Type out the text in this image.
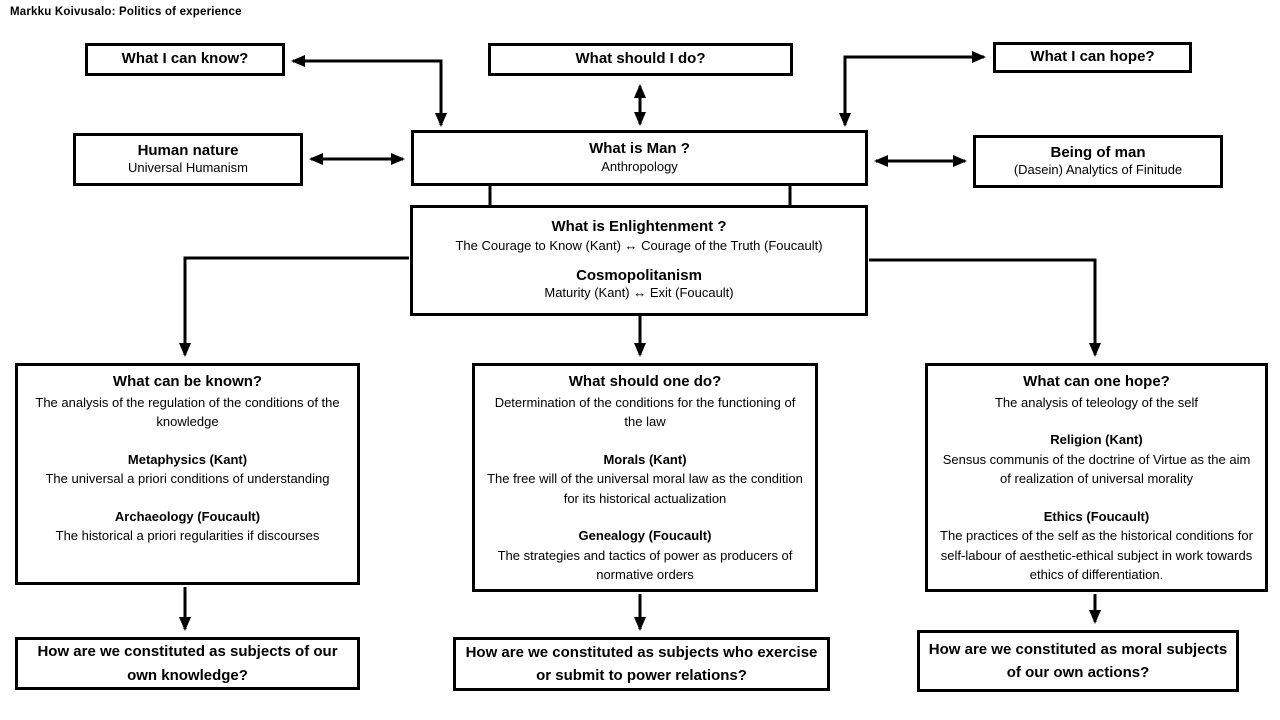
Markku Koivusalo: Politics of experience
What I can know?	What should I do?	What I can hope?
Human nature
Universal Humanism
What is Man ?
Anthropology
Being of man
(Dasein) Analytics of Finitude
What is Enlightenment ?
The Courage to Know (Kant) ↔ Courage of the Truth (Foucault)
Cosmopolitanism
Maturity (Kant) ↔ Exit (Foucault)
What can be known?
The analysis of the regulation of the conditions of the knowledge
Metaphysics (Kant)
The universal a priori conditions of understanding
Archaeology (Foucault)
The historical a priori regularities if discourses
What should one do?
Determination of the conditions for the functioning of the law
Morals (Kant)
The free will of the universal moral law as the condition for its historical actualization
Genealogy (Foucault)
The strategies and tactics of power as producers of normative orders
What can one hope?
The analysis of teleology of the self
Religion (Kant)
Sensus communis of the doctrine of Virtue as the aim of realization of universal morality
Ethics (Foucault)
The practices of the self as the historical conditions for self-labour of aesthetic-ethical subject in work towards ethics of differentiation.
How are we constituted as subjects of our own knowledge?
How are we constituted as subjects who exercise or submit to power relations?
How are we constituted as moral subjects of our own actions?
